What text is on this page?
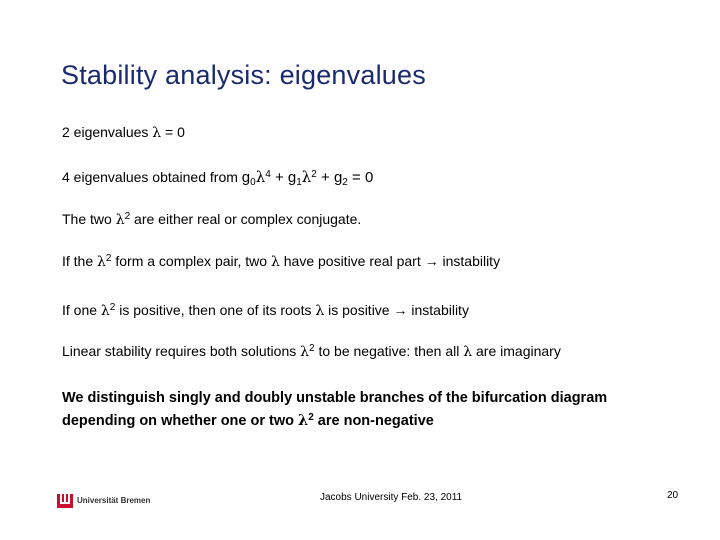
Stability analysis: eigenvalues
2 eigenvalues λ = 0
4 eigenvalues obtained from $g_0\lambda^4 + g_1\lambda^2 + g_2 = 0$
The two $\lambda^2$ are either real or complex conjugate.
If the $\lambda^2$ form a complex pair, two λ have positive real part → instability
If one $\lambda^2$ is positive, then one of its roots λ is positive → instability
Linear stability requires both solutions $\lambda^2$ to be negative: then all λ are imaginary
We distinguish singly and doubly unstable branches of the bifurcation diagram depending on whether one or two $\lambda^2$ are non-negative
Universität Bremen	Jacobs University Feb. 23, 2011	20
